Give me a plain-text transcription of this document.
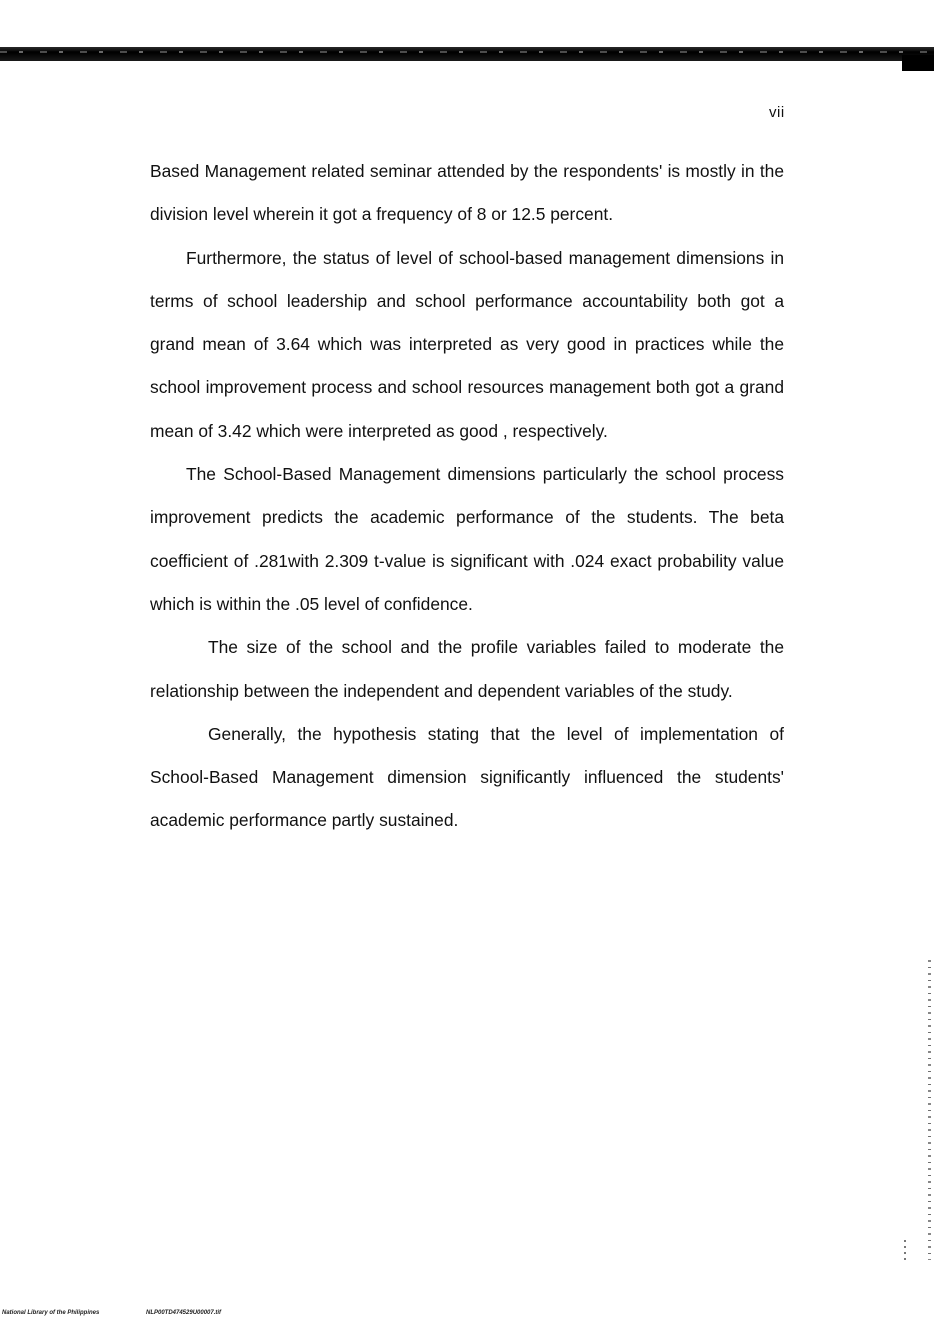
vii

Based Management related seminar attended by the respondents' is mostly in the division level wherein it got a frequency of 8 or 12.5 percent.

Furthermore, the status of level of school-based management dimensions in terms of school leadership and school performance accountability both got a grand mean of 3.64 which was interpreted as very good in practices while the school improvement process and school resources management both got a grand mean of 3.42 which were interpreted as good , respectively.

The School-Based Management dimensions particularly the school process improvement predicts the academic performance of the students. The beta coefficient of .281with 2.309 t-value is significant with .024 exact probability value which is within the .05 level of confidence.

The size of the school and the profile variables failed to moderate the relationship between the independent and dependent variables of the study.

Generally, the hypothesis stating that the level of implementation of School-Based Management dimension significantly influenced the students' academic performance partly sustained.

National Library of the Philippines	NLP00TD474529U00007.tif
